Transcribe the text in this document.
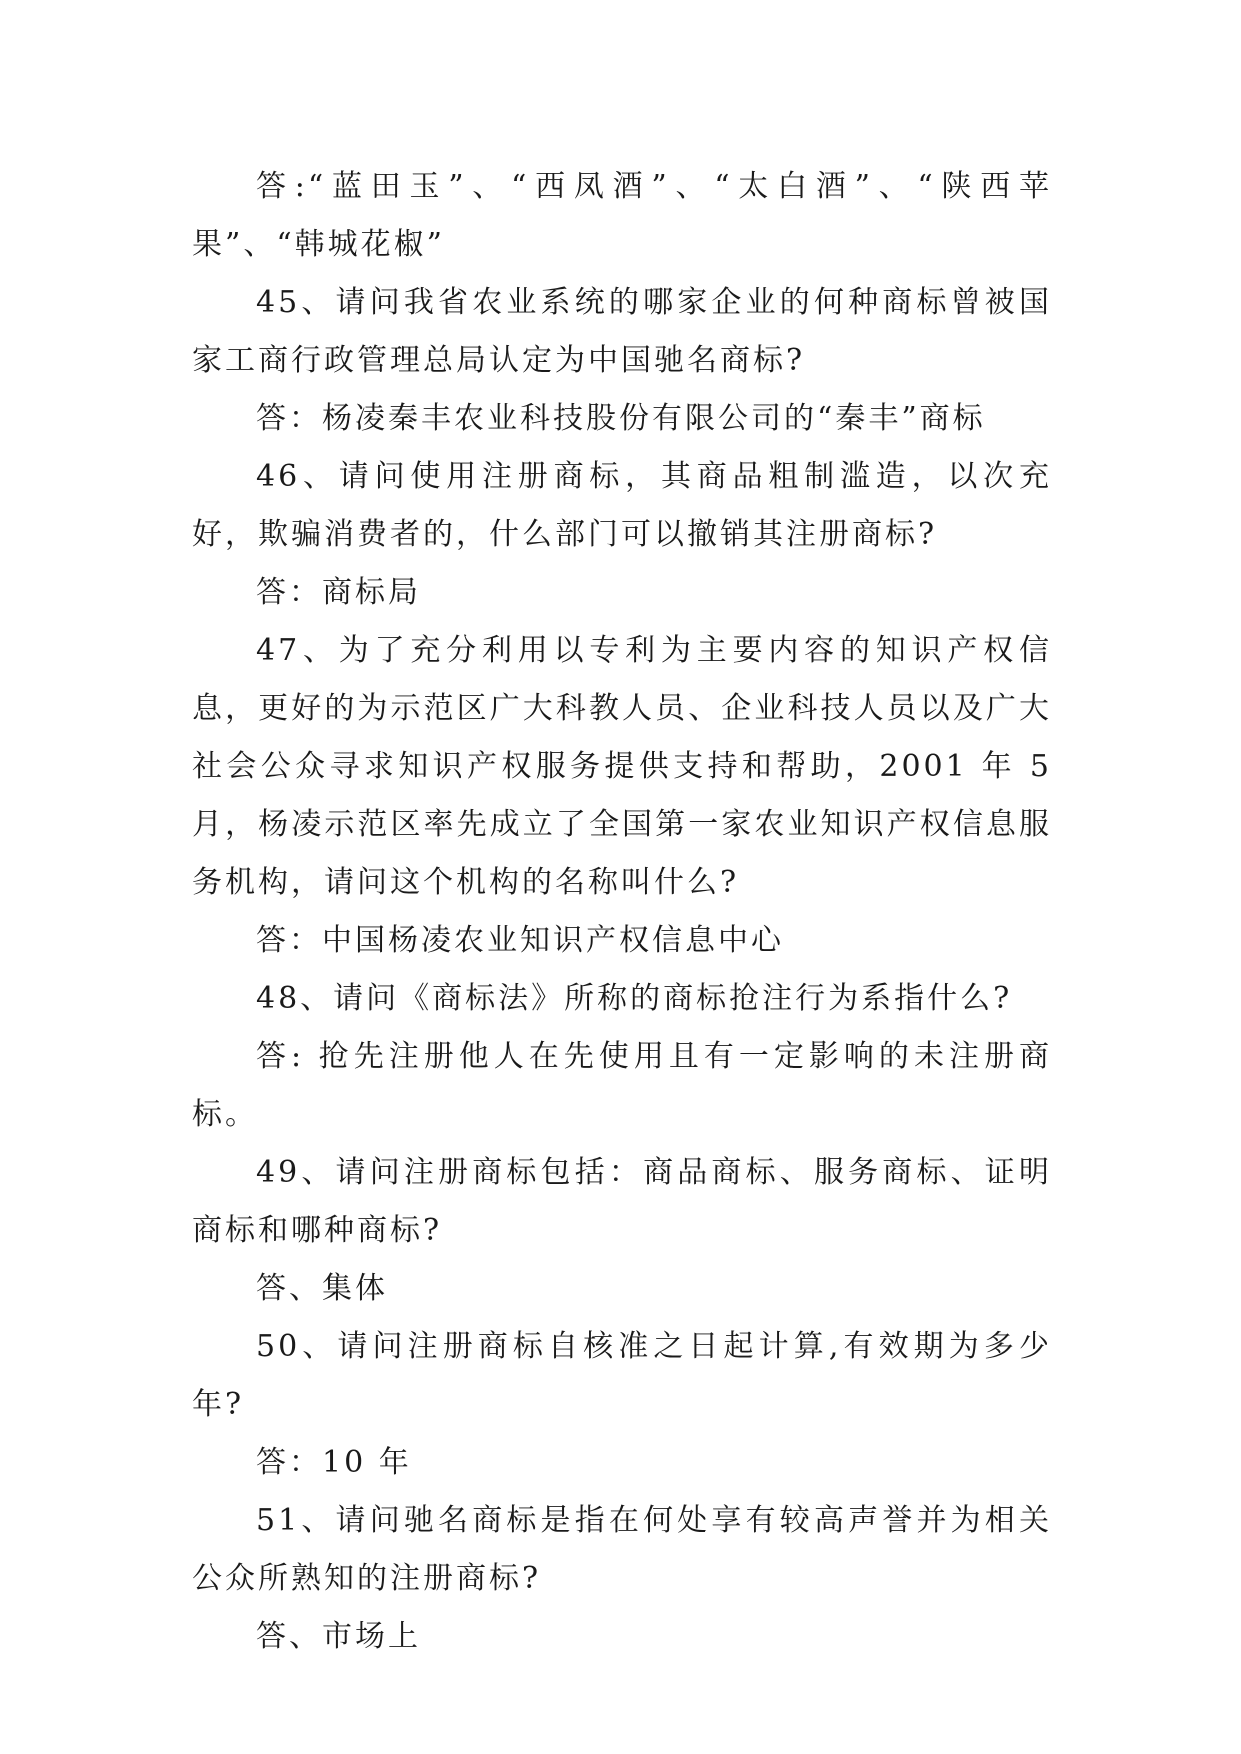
答:“蓝田玉”、“西凤酒”、“太白酒”、“陕西苹果”、“韩城花椒”

45、请问我省农业系统的哪家企业的何种商标曾被国家工商行政管理总局认定为中国驰名商标?

答：杨凌秦丰农业科技股份有限公司的“秦丰”商标

46、请问使用注册商标，其商品粗制滥造，以次充好，欺骗消费者的，什么部门可以撤销其注册商标?

答：商标局

47、为了充分利用以专利为主要内容的知识产权信息，更好的为示范区广大科教人员、企业科技人员以及广大社会公众寻求知识产权服务提供支持和帮助，2001 年 5 月，杨凌示范区率先成立了全国第一家农业知识产权信息服务机构，请问这个机构的名称叫什么?

答：中国杨凌农业知识产权信息中心

48、请问《商标法》所称的商标抢注行为系指什么?

答: 抢先注册他人在先使用且有一定影响的未注册商标。

49、请问注册商标包括：商品商标、服务商标、证明商标和哪种商标?

答、集体

50、请问注册商标自核准之日起计算,有效期为多少年?

答：10 年

51、请问驰名商标是指在何处享有较高声誉并为相关公众所熟知的注册商标?

答、市场上
